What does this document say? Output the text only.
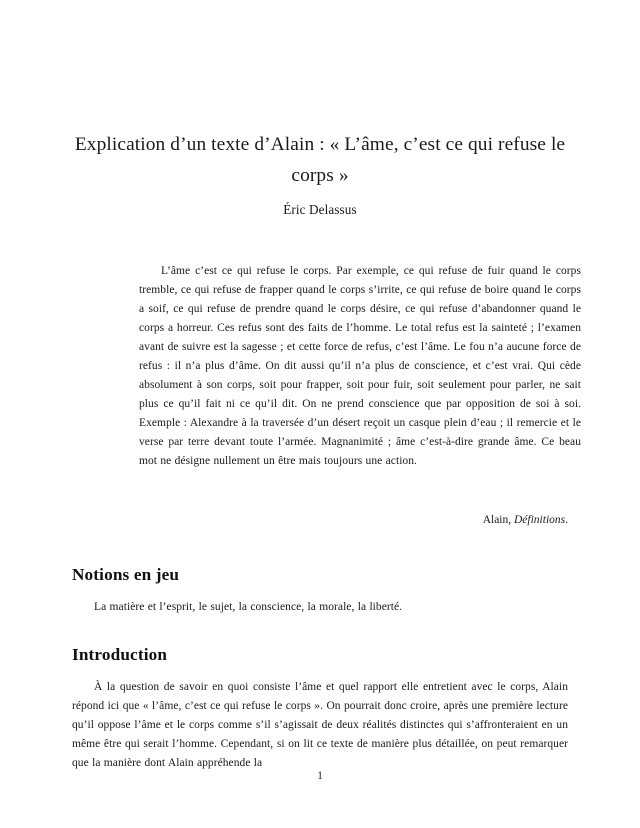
Explication d’un texte d’Alain : « L’âme, c’est ce qui refuse le corps »
Éric Delassus
L’âme c’est ce qui refuse le corps. Par exemple, ce qui refuse de fuir quand le corps tremble, ce qui refuse de frapper quand le corps s’irrite, ce qui refuse de boire quand le corps a soif, ce qui refuse de prendre quand le corps désire, ce qui refuse d’abandonner quand le corps a horreur. Ces refus sont des faits de l’homme. Le total refus est la sainteté ; l’examen avant de suivre est la sagesse ; et cette force de refus, c’est l’âme. Le fou n’a aucune force de refus : il n’a plus d’âme. On dit aussi qu’il n’a plus de conscience, et c’est vrai. Qui cède absolument à son corps, soit pour frapper, soit pour fuir, soit seulement pour parler, ne sait plus ce qu’il fait ni ce qu’il dit. On ne prend conscience que par opposition de soi à soi. Exemple : Alexandre à la traversée d’un désert reçoit un casque plein d’eau ; il remercie et le verse par terre devant toute l’armée. Magnanimité ; âme c’est-à-dire grande âme. Ce beau mot ne désigne nullement un être mais toujours une action.
Alain, Définitions.
Notions en jeu

La matière et l’esprit, le sujet, la conscience, la morale, la liberté.

Introduction

À la question de savoir en quoi consiste l’âme et quel rapport elle entretient avec le corps, Alain répond ici que « l’âme, c’est ce qui refuse le corps ». On pourrait donc croire, après une première lecture qu’il oppose l’âme et le corps comme s’il s’agissait de deux réalités distinctes qui s’affronteraient en un même être qui serait l’homme. Cependant, si on lit ce texte de manière plus détaillée, on peut remarquer que la manière dont Alain appréhende la

1
